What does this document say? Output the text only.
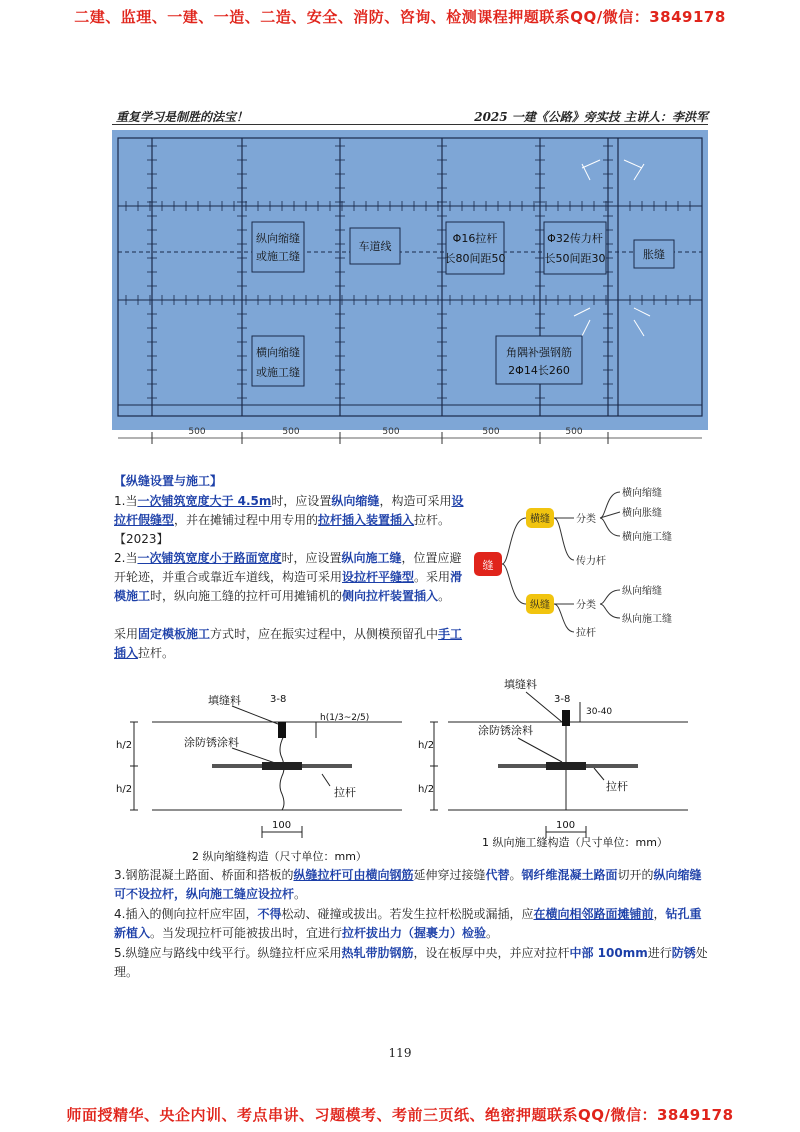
二建、监理、一建、一造、二造、安全、消防、咨询、检测课程押题联系QQ/微信：3849178
重复学习是制胜的法宝！	2025 一建《公路》旁实技 主讲人：李洪军
纵向缩缝
或施工缝
横向缩缝
或施工缝
车道线
Φ16拉杆
长80间距50
Φ32传力杆
长50间距30	胀缝
角隅补强钢筋
2Φ14长260
500	500	500	500	500
【纵缝设置与施工】
1.当一次铺筑宽度大于 4.5m时，应设置纵向缩缝，构造可采用设拉杆假缝型，并在摊铺过程中用专用的拉杆插入装置插入拉杆。【2023】
2.当一次铺筑宽度小于路面宽度时，应设置纵向施工缝，位置应避开轮迹，并重合或靠近车道线，构造可采用设拉杆平缝型。采用滑模施工时，纵向施工缝的拉杆可用摊铺机的侧向拉杆装置插入。
采用固定模板施工方式时，应在振实过程中，从侧模预留孔中手工插入拉杆。
缝
横缝
纵缝
分类
横向缩缝
横向胀缝
横向施工缝
传力杆
分类
纵向缩缝
纵向施工缝
拉杆
填缝料	3-8
h(1/3~2/5)
涂防锈涂料
h/2
h/2	拉杆
100
2 纵向缩缝构造（尺寸单位：mm）
填缝料
3-8
30-40
涂防锈涂料
h/2
h/2	拉杆
100
1 纵向施工缝构造（尺寸单位：mm）
3.钢筋混凝土路面、桥面和搭板的纵缝拉杆可由横向钢筋延伸穿过接缝代替。钢纤维混凝土路面切开的纵向缩缝可不设拉杆，纵向施工缝应设拉杆。
4.插入的侧向拉杆应牢固，不得松动、碰撞或拔出。若发生拉杆松脱或漏插，应在横向相邻路面摊铺前，钻孔重新植入。当发现拉杆可能被拔出时，宜进行拉杆拔出力（握裹力）检验。
5.纵缝应与路线中线平行。纵缝拉杆应采用热轧带肋钢筋，设在板厚中央，并应对拉杆中部 100mm进行防锈处理。
119
师面授精华、央企内训、考点串讲、习题模考、考前三页纸、绝密押题联系QQ/微信：3849178
